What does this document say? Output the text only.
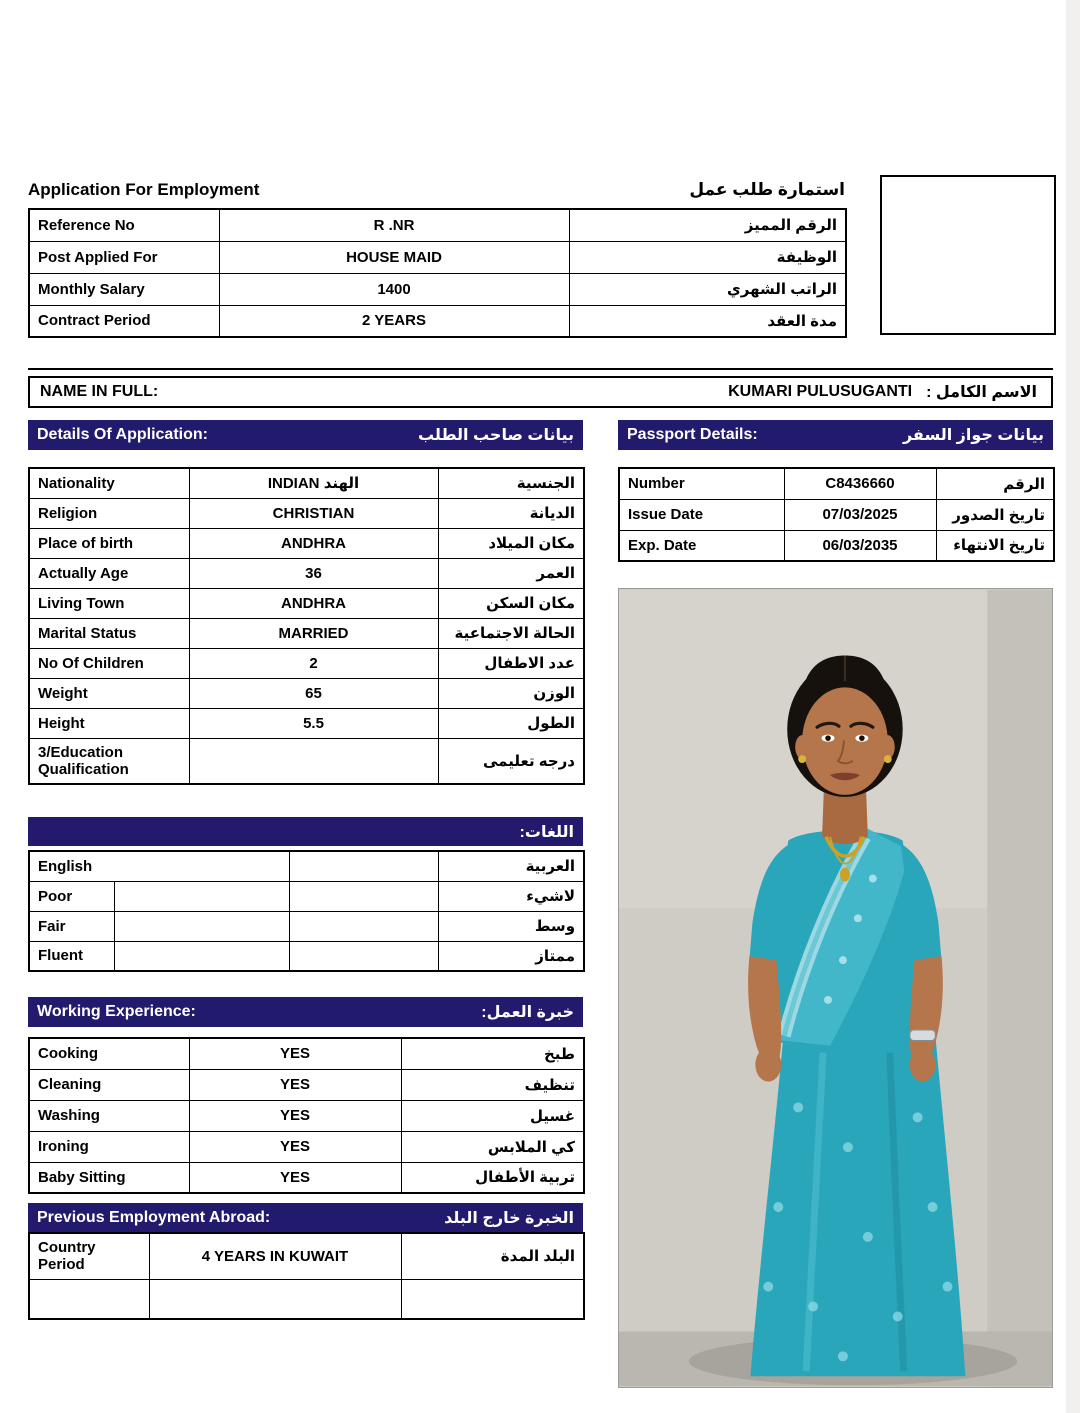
Application For Employment	استمارة طلب عمل
Reference No	R .NR	الرقم المميز
Post Applied For	HOUSE MAID	الوظيفة
Monthly Salary	1400	الراتب الشهري
Contract Period	2 YEARS	مدة العقد
NAME IN FULL:	KUMARI PULUSUGANTI الاسم الكامل :
Details Of Application:	بيانات صاحب الطلب
Nationality	INDIAN الهند	الجنسية
Religion	CHRISTIAN	الديانة
Place of birth	ANDHRA	مكان الميلاد
Actually Age	36	العمر
Living Town	ANDHRA	مكان السكن
Marital Status	MARRIED	الحالة الاجتماعية
No Of Children	2	عدد الاطفال
Weight	65	الوزن
Height	5.5	الطول
3/Education Qualification		درجه تعليمى
اللغات:
English			العربية
Poor			لاشيء
Fair			وسط
Fluent			ممتاز
Working Experience:	خبرة العمل:
Cooking	YES	طبخ
Cleaning	YES	تنظيف
Washing	YES	غسيل
Ironing	YES	كي الملابس
Baby Sitting	YES	تربية الأطفال
Previous Employment Abroad:	الخبرة خارج البلد
Country Period	4 YEARS IN KUWAIT	البلد المدة

Passport Details:	بيانات جواز السفر
Number	C8436660	الرقم
Issue Date	07/03/2025	تاريخ الصدور
Exp. Date	06/03/2035	تاريخ الانتهاء
